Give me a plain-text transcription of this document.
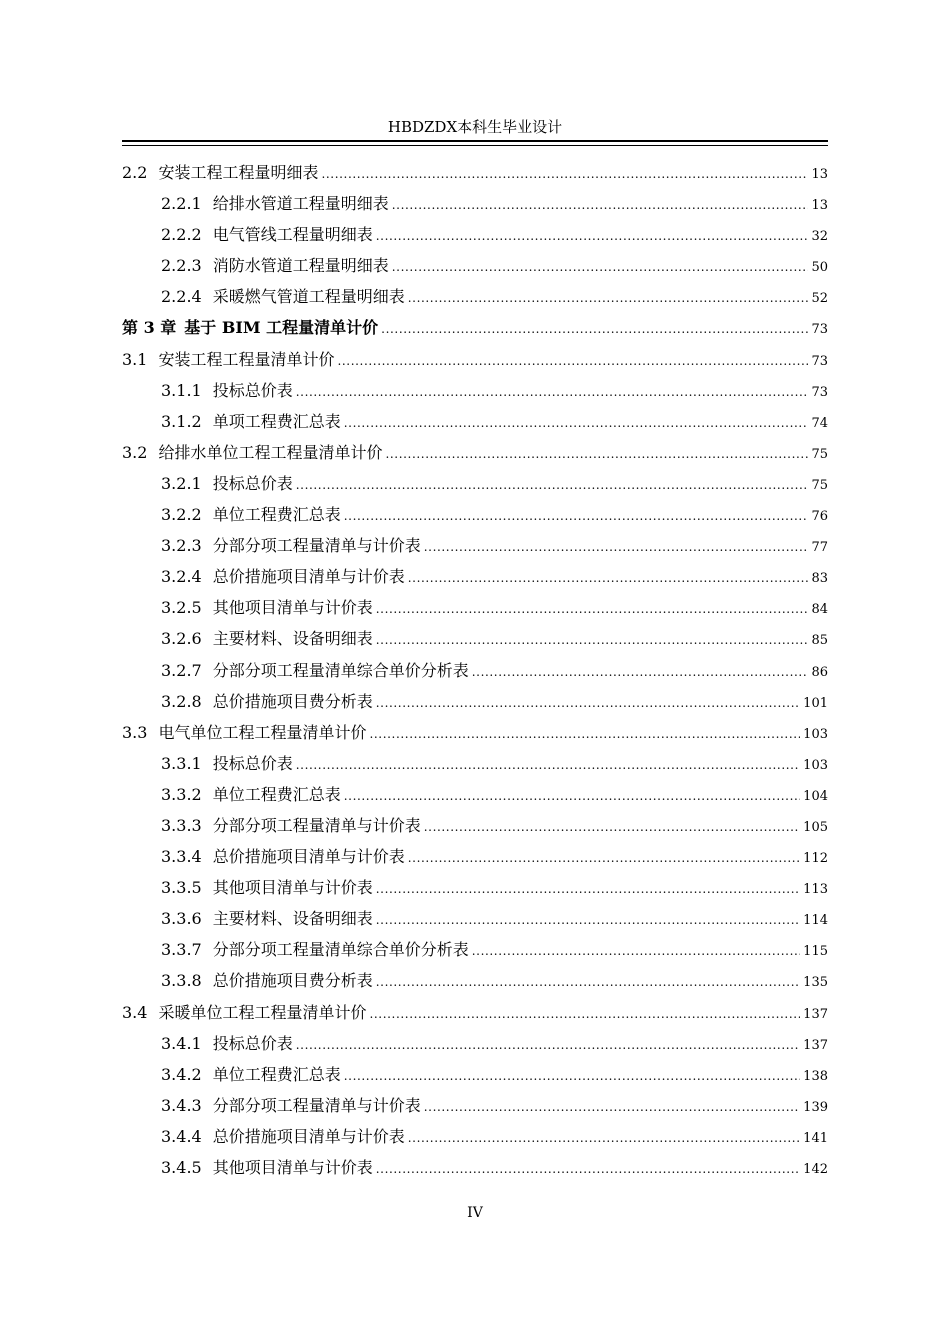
HBDZDX本科生毕业设计
2.2 安装工程工程量明细表 .....	13
2.2.1 给排水管道工程量明细表 .....	13
2.2.2 电气管线工程量明细表 .....	32
2.2.3 消防水管道工程量明细表 .....	50
2.2.4 采暖燃气管道工程量明细表 .....	52
第 3 章 基于 BIM 工程量清单计价 .....	73
3.1 安装工程工程量清单计价 .....	73
3.1.1 投标总价表 .....	73
3.1.2 单项工程费汇总表 .....	74
3.2 给排水单位工程工程量清单计价 .....	75
3.2.1 投标总价表 .....	75
3.2.2 单位工程费汇总表 .....	76
3.2.3 分部分项工程量清单与计价表 .....	77
3.2.4 总价措施项目清单与计价表 .....	83
3.2.5 其他项目清单与计价表 .....	84
3.2.6 主要材料、设备明细表 .....	85
3.2.7 分部分项工程量清单综合单价分析表 .....	86
3.2.8 总价措施项目费分析表 .....	101
3.3 电气单位工程工程量清单计价 .....	103
3.3.1 投标总价表 .....	103
3.3.2 单位工程费汇总表 .....	104
3.3.3 分部分项工程量清单与计价表 .....	105
3.3.4 总价措施项目清单与计价表 .....	112
3.3.5 其他项目清单与计价表 .....	113
3.3.6 主要材料、设备明细表 .....	114
3.3.7 分部分项工程量清单综合单价分析表 .....	115
3.3.8 总价措施项目费分析表 .....	135
3.4 采暖单位工程工程量清单计价 .....	137
3.4.1 投标总价表 .....	137
3.4.2 单位工程费汇总表 .....	138
3.4.3 分部分项工程量清单与计价表 .....	139
3.4.4 总价措施项目清单与计价表 .....	141
3.4.5 其他项目清单与计价表 .....	142
IV
